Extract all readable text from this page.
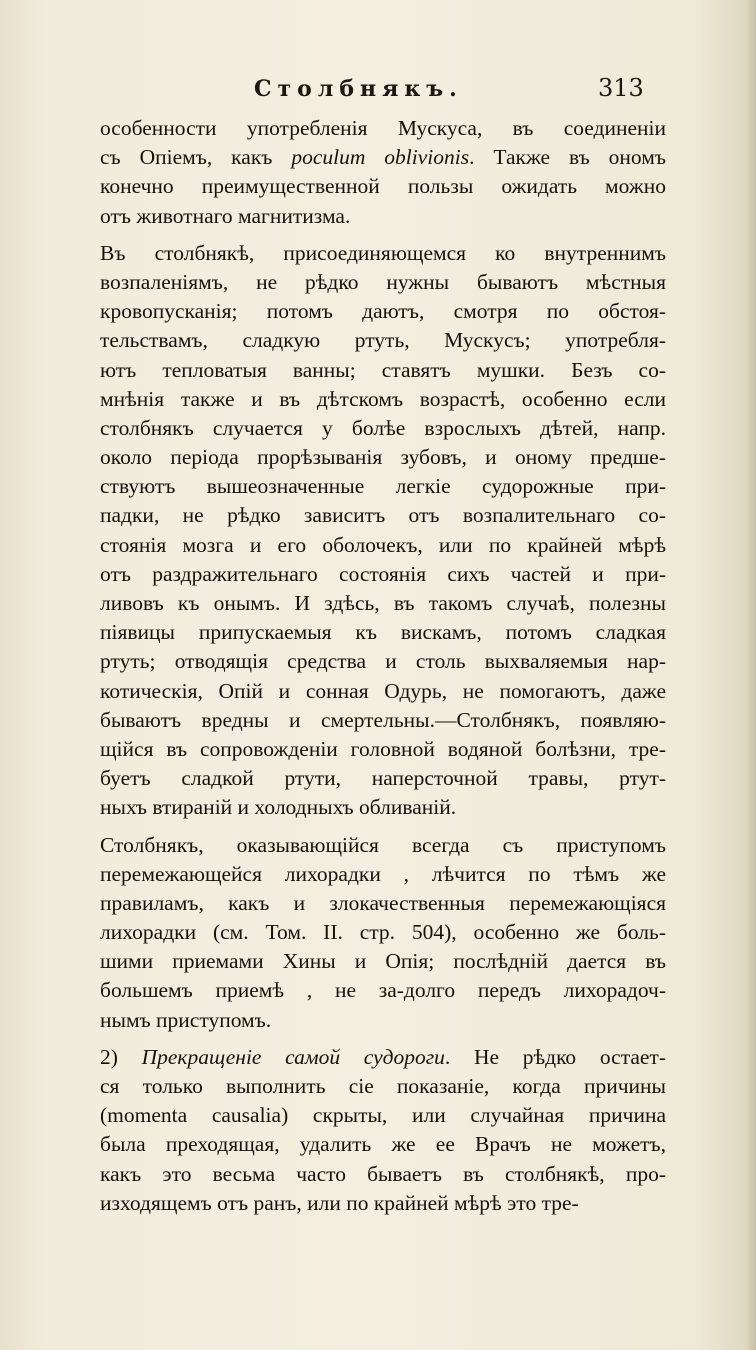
Столбнякъ.	313
особенности употребленія Мускуса, въ соединеніи
съ Опіемъ, какъ poculum oblivionis. Также въ ономъ
конечно преимущественной пользы ожидать можно
отъ животнаго магнитизма.
Въ столбнякѣ, присоединяющемся ко внутреннимъ
возпаленіямъ, не рѣдко нужны бываютъ мѣстныя
кровопусканія; потомъ даютъ, смотря по обстоя-
тельствамъ, сладкую ртуть, Мускусъ; употребля-
ютъ тепловатыя ванны; ставятъ мушки. Безъ со-
мнѣнія также и въ дѣтскомъ возрастѣ, особенно если
столбнякъ случается у болѣе взрослыхъ дѣтей, напр.
около періода прорѣзыванія зубовъ, и оному предше-
ствуютъ вышеозначенные легкіе судорожные при-
падки, не рѣдко зависитъ отъ возпалительнаго со-
стоянія мозга и его оболочекъ, или по крайней мѣрѣ
отъ раздражительнаго состоянія сихъ частей и при-
ливовъ къ онымъ. И здѣсь, въ такомъ случаѣ, полезны
піявицы припускаемыя къ вискамъ, потомъ сладкая
ртуть; отводящія средства и столь выхваляемыя нар-
котическія, Опій и сонная Одурь, не помогаютъ, даже
бываютъ вредны и смертельны.—Столбнякъ, появляю-
щійся въ сопровожденіи головной водяной болѣзни, тре-
буетъ сладкой ртути, наперсточной травы, ртут-
ныхъ втираній и холодныхъ обливаній.
Столбнякъ, оказывающійся всегда съ приступомъ
перемежающейся лихорадки , лѣчится по тѣмъ же
правиламъ, какъ и злокачественныя перемежающіяся
лихорадки (см. Том. II. стр. 504), особенно же боль-
шими приемами Хины и Опія; послѣдній дается въ
большемъ приемѣ , не за-долго передъ лихорадоч-
нымъ приступомъ.
2) Прекращеніе самой судороги. Не рѣдко остает-
ся только выполнить сіе показаніе, когда причины
(momenta causalia) скрыты, или случайная причина
была преходящая, удалить же ее Врачъ не можетъ,
какъ это весьма часто бываетъ въ столбнякѣ, про-
изходящемъ отъ ранъ, или по крайней мѣрѣ это тре-
